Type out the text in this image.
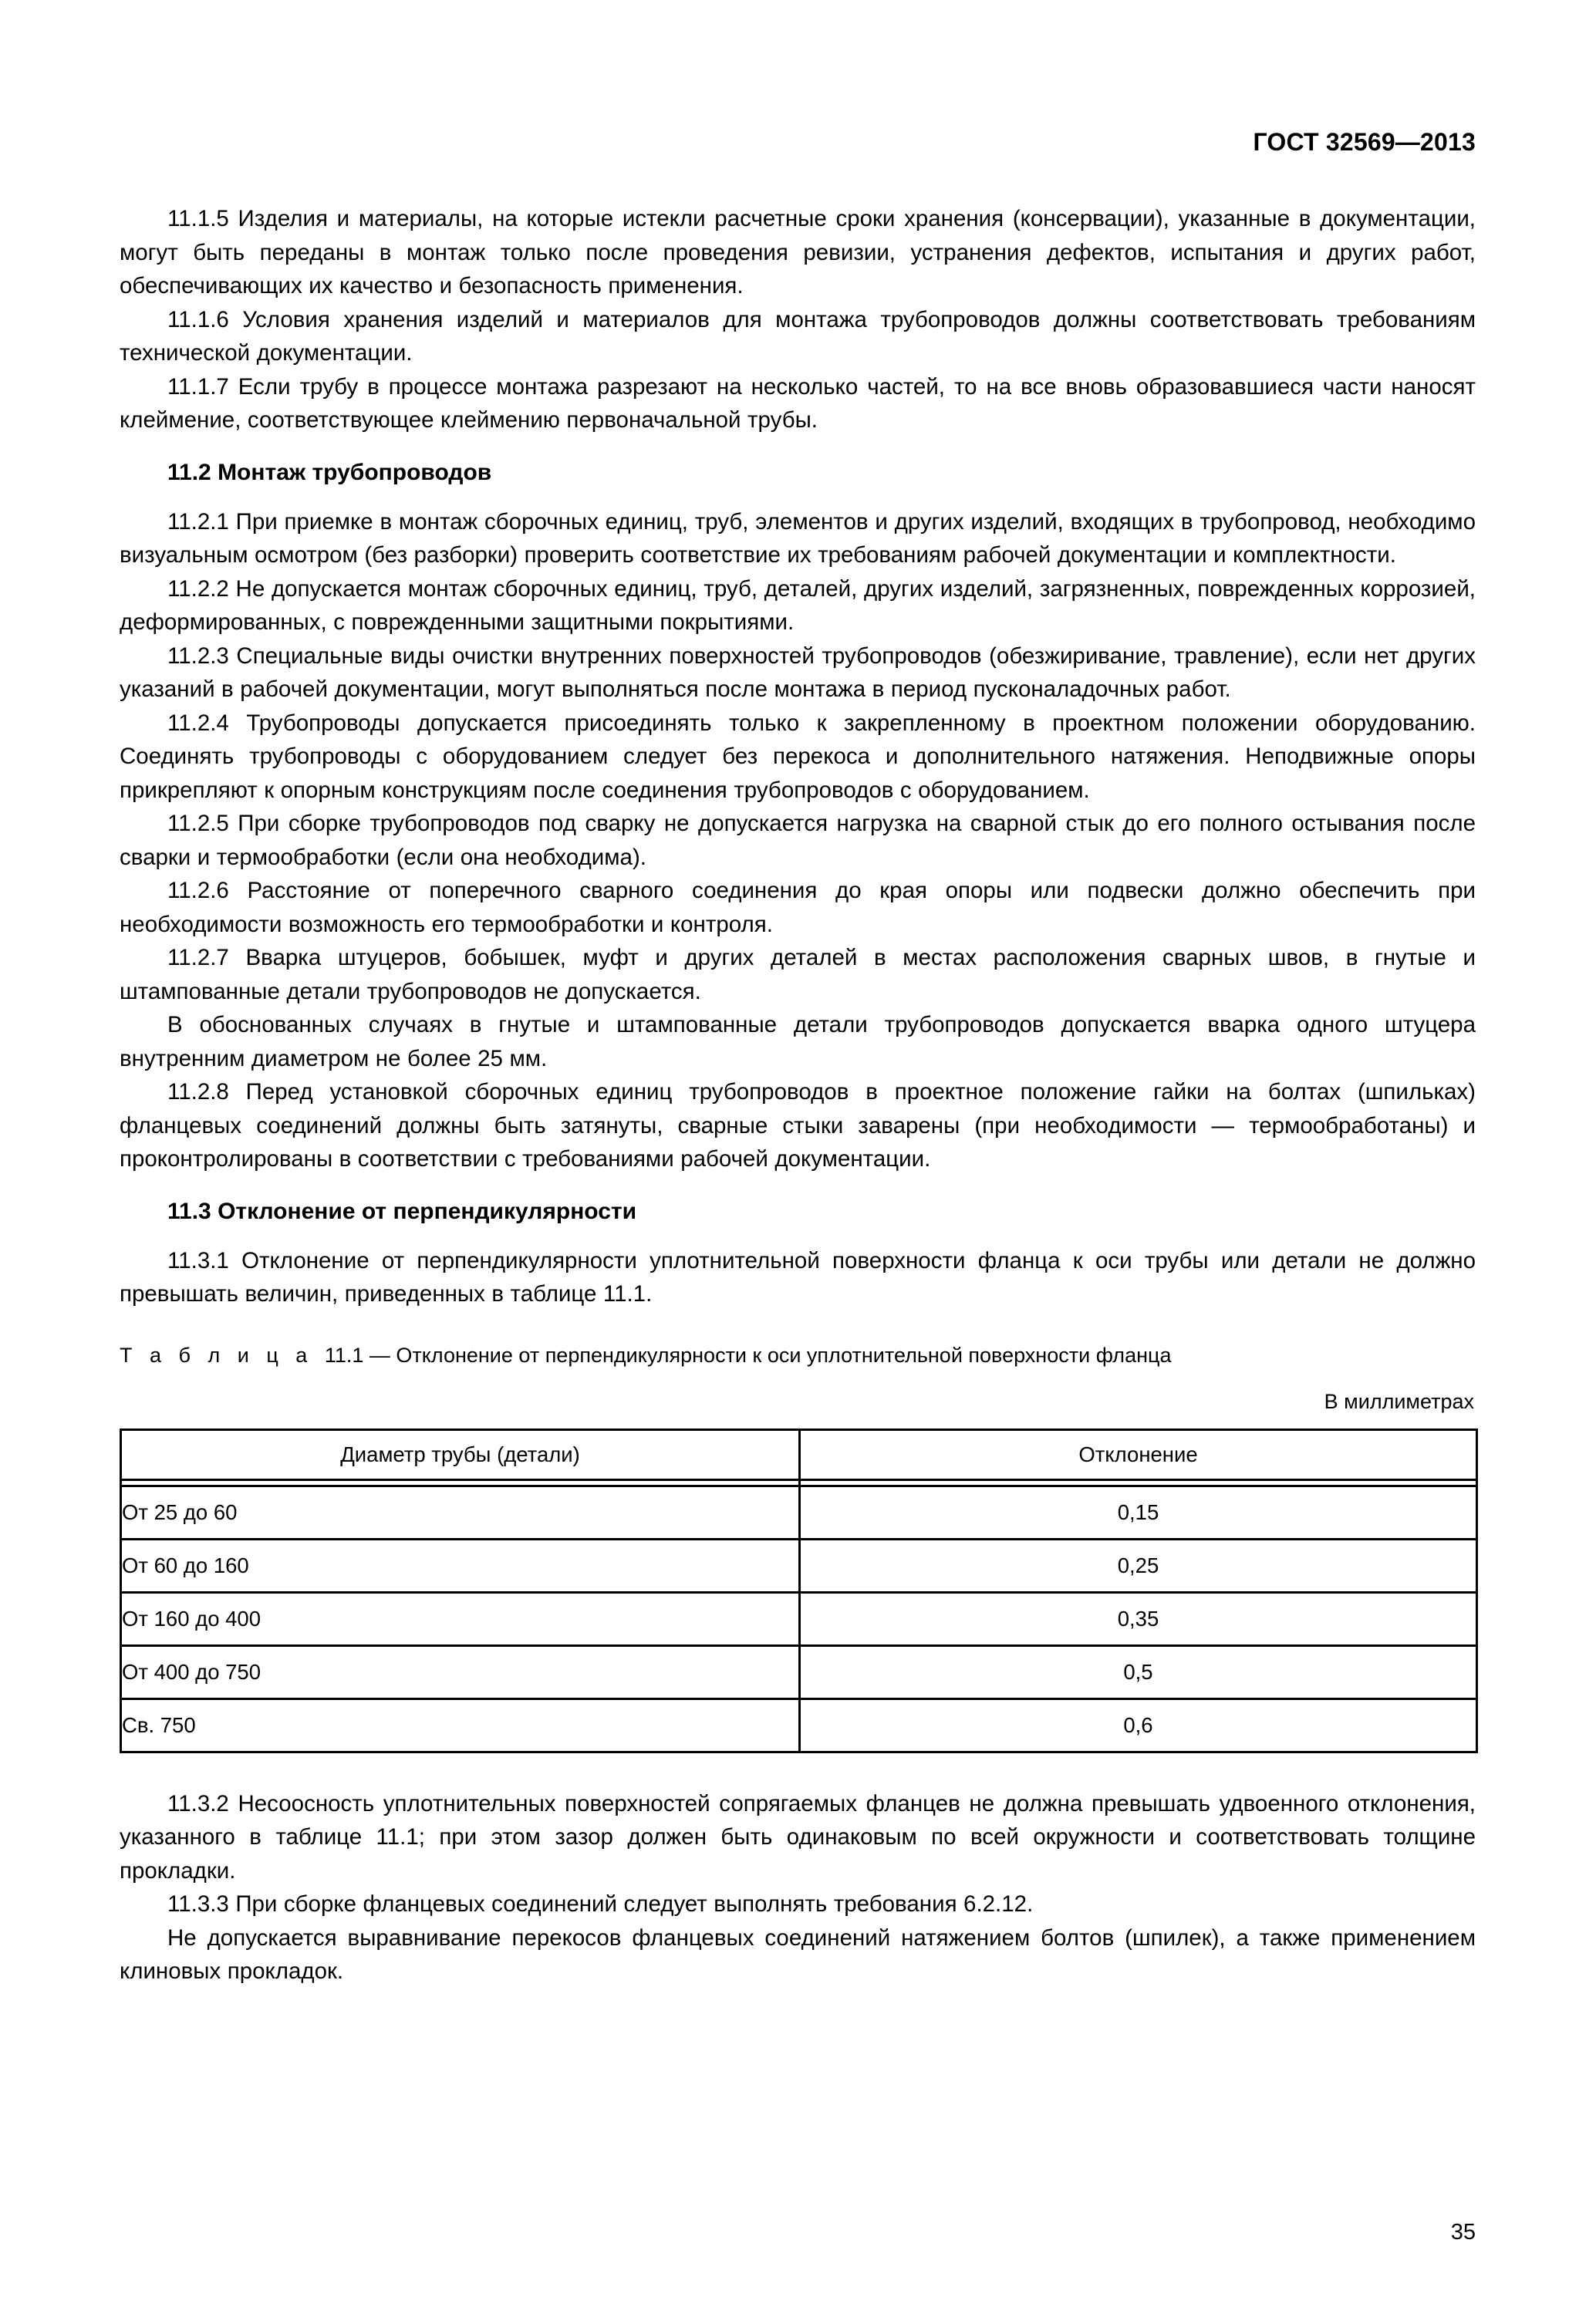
ГОСТ 32569—2013

11.1.5 Изделия и материалы, на которые истекли расчетные сроки хранения (консервации), указанные в документации, могут быть переданы в монтаж только после проведения ревизии, устранения дефектов, испытания и других работ, обеспечивающих их качество и безопасность применения.

11.1.6 Условия хранения изделий и материалов для монтажа трубопроводов должны соответствовать требованиям технической документации.

11.1.7 Если трубу в процессе монтажа разрезают на несколько частей, то на все вновь образовавшиеся части наносят клеймение, соответствующее клеймению первоначальной трубы.

11.2 Монтаж трубопроводов

11.2.1 При приемке в монтаж сборочных единиц, труб, элементов и других изделий, входящих в трубопровод, необходимо визуальным осмотром (без разборки) проверить соответствие их требованиям рабочей документации и комплектности.

11.2.2 Не допускается монтаж сборочных единиц, труб, деталей, других изделий, загрязненных, поврежденных коррозией, деформированных, с поврежденными защитными покрытиями.

11.2.3 Специальные виды очистки внутренних поверхностей трубопроводов (обезжиривание, травление), если нет других указаний в рабочей документации, могут выполняться после монтажа в период пусконаладочных работ.

11.2.4 Трубопроводы допускается присоединять только к закрепленному в проектном положении оборудованию. Соединять трубопроводы с оборудованием следует без перекоса и дополнительного натяжения. Неподвижные опоры прикрепляют к опорным конструкциям после соединения трубопроводов с оборудованием.

11.2.5 При сборке трубопроводов под сварку не допускается нагрузка на сварной стык до его полного остывания после сварки и термообработки (если она необходима).

11.2.6 Расстояние от поперечного сварного соединения до края опоры или подвески должно обеспечить при необходимости возможность его термообработки и контроля.

11.2.7 Вварка штуцеров, бобышек, муфт и других деталей в местах расположения сварных швов, в гнутые и штампованные детали трубопроводов не допускается.

В обоснованных случаях в гнутые и штампованные детали трубопроводов допускается вварка одного штуцера внутренним диаметром не более 25 мм.

11.2.8 Перед установкой сборочных единиц трубопроводов в проектное положение гайки на болтах (шпильках) фланцевых соединений должны быть затянуты, сварные стыки заварены (при необходимости — термообработаны) и проконтролированы в соответствии с требованиями рабочей документации.

11.3 Отклонение от перпендикулярности

11.3.1 Отклонение от перпендикулярности уплотнительной поверхности фланца к оси трубы или детали не должно превышать величин, приведенных в таблице 11.1.

Т а б л и ц а 11.1 — Отклонение от перпендикулярности к оси уплотнительной поверхности фланца

В миллиметрах

Диаметр трубы (детали)	Отклонение

От 25 до 60	0,15
От 60 до 160	0,25
От 160 до 400	0,35
От 400 до 750	0,5
Св. 750	0,6

11.3.2 Несоосность уплотнительных поверхностей сопрягаемых фланцев не должна превышать удвоенного отклонения, указанного в таблице 11.1; при этом зазор должен быть одинаковым по всей окружности и соответствовать толщине прокладки.

11.3.3 При сборке фланцевых соединений следует выполнять требования 6.2.12.

Не допускается выравнивание перекосов фланцевых соединений натяжением болтов (шпилек), а также применением клиновых прокладок.

35
